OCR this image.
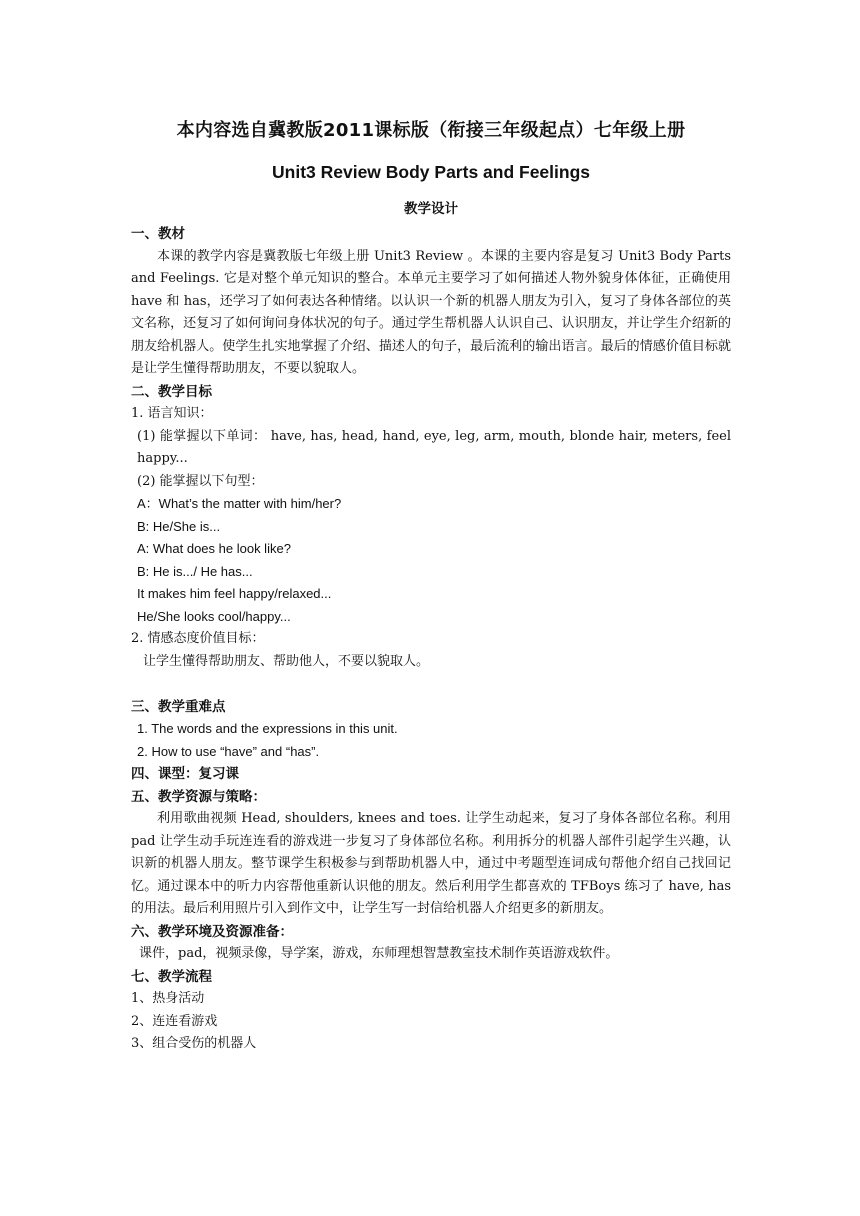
本内容选自冀教版2011课标版（衔接三年级起点）七年级上册

Unit3 Review Body Parts and Feelings

教学设计

一、教材

本课的教学内容是冀教版七年级上册 Unit3 Review 。本课的主要内容是复习 Unit3 Body Parts and Feelings. 它是对整个单元知识的整合。本单元主要学习了如何描述人物外貌身体体征，正确使用 have 和 has，还学习了如何表达各种情绪。以认识一个新的机器人朋友为引入，复习了身体各部位的英文名称，还复习了如何询问身体状况的句子。通过学生帮机器人认识自己、认识朋友，并让学生介绍新的朋友给机器人。使学生扎实地掌握了介绍、描述人的句子，最后流利的输出语言。最后的情感价值目标就是让学生懂得帮助朋友，不要以貌取人。

二、教学目标

1. 语言知识：

(1) 能掌握以下单词： have, has, head, hand, eye, leg, arm, mouth, blonde hair, meters, feel happy...

(2) 能掌握以下句型：

A：What’s the matter with him/her?

B: He/She is...

A: What does he look like?

B: He is.../ He has...

It makes him feel happy/relaxed...

He/She looks cool/happy...

2. 情感态度价值目标：

让学生懂得帮助朋友、帮助他人，不要以貌取人。

三、教学重难点

1. The words and the expressions in this unit.

2. How to use “have” and “has”.

四、课型：复习课

五、教学资源与策略：

利用歌曲视频 Head, shoulders, knees and toes. 让学生动起来，复习了身体各部位名称。利用 pad 让学生动手玩连连看的游戏进一步复习了身体部位名称。利用拆分的机器人部件引起学生兴趣，认识新的机器人朋友。整节课学生积极参与到帮助机器人中，通过中考题型连词成句帮他介绍自己找回记忆。通过课本中的听力内容帮他重新认识他的朋友。然后利用学生都喜欢的 TFBoys 练习了 have, has 的用法。最后利用照片引入到作文中，让学生写一封信给机器人介绍更多的新朋友。

六、教学环境及资源准备：

课件，pad，视频录像，导学案，游戏，东师理想智慧教室技术制作英语游戏软件。

七、教学流程

1、热身活动

2、连连看游戏

3、组合受伤的机器人
